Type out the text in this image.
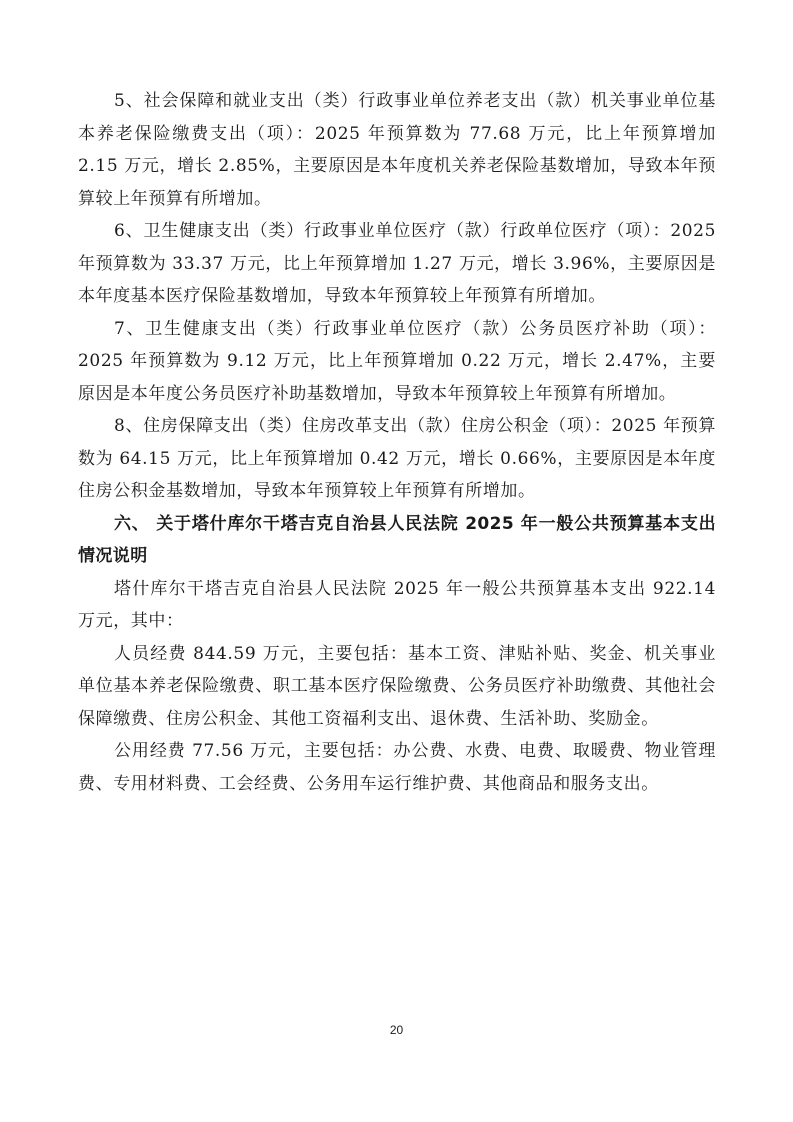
5、社会保障和就业支出（类）行政事业单位养老支出（款）机关事业单位基本养老保险缴费支出（项）：2025 年预算数为 77.68 万元，比上年预算增加 2.15 万元，增长 2.85%，主要原因是本年度机关养老保险基数增加，导致本年预算较上年预算有所增加。

6、卫生健康支出（类）行政事业单位医疗（款）行政单位医疗（项）：2025 年预算数为 33.37 万元，比上年预算增加 1.27 万元，增长 3.96%，主要原因是本年度基本医疗保险基数增加，导致本年预算较上年预算有所增加。

7、卫生健康支出（类）行政事业单位医疗（款）公务员医疗补助（项）：2025 年预算数为 9.12 万元，比上年预算增加 0.22 万元，增长 2.47%，主要原因是本年度公务员医疗补助基数增加，导致本年预算较上年预算有所增加。

8、住房保障支出（类）住房改革支出（款）住房公积金（项）：2025 年预算数为 64.15 万元，比上年预算增加 0.42 万元，增长 0.66%，主要原因是本年度住房公积金基数增加，导致本年预算较上年预算有所增加。

六、 关于塔什库尔干塔吉克自治县人民法院 2025 年一般公共预算基本支出情况说明

塔什库尔干塔吉克自治县人民法院 2025 年一般公共预算基本支出 922.14 万元，其中：

人员经费 844.59 万元，主要包括：基本工资、津贴补贴、奖金、机关事业单位基本养老保险缴费、职工基本医疗保险缴费、公务员医疗补助缴费、其他社会保障缴费、住房公积金、其他工资福利支出、退休费、生活补助、奖励金。

公用经费 77.56 万元，主要包括：办公费、水费、电费、取暖费、物业管理费、专用材料费、工会经费、公务用车运行维护费、其他商品和服务支出。

20
